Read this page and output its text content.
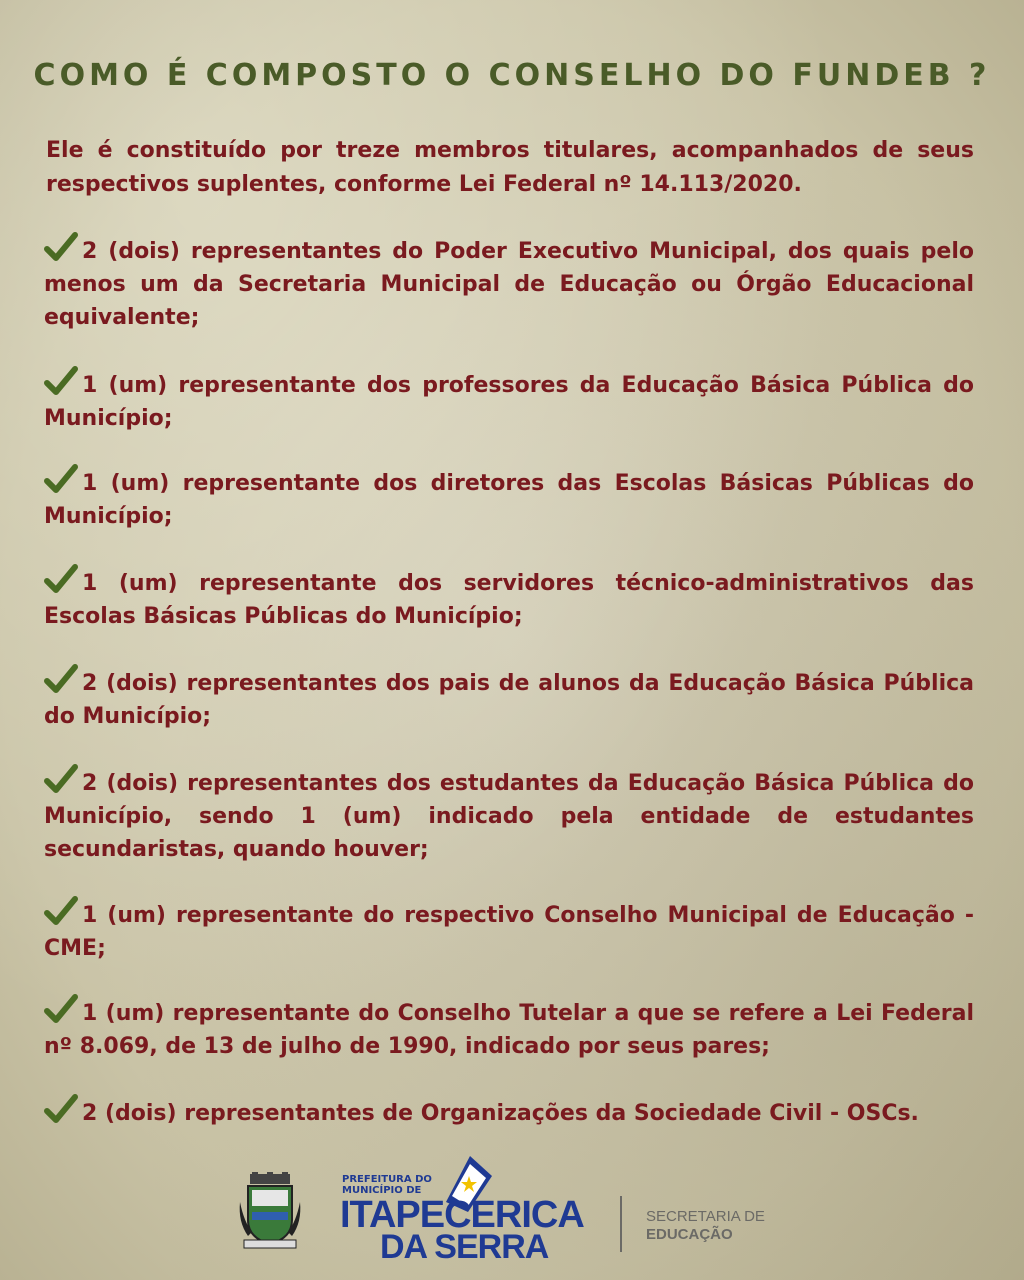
COMO É COMPOSTO O CONSELHO DO FUNDEB ?
Ele é constituído por treze membros titulares, acompanhados de seus respectivos suplentes, conforme Lei Federal nº 14.113/2020.
2 (dois) representantes do Poder Executivo Municipal, dos quais pelo menos um da Secretaria Municipal de Educação ou Órgão Educacional equivalente;
1 (um) representante dos professores da Educação Básica Pública do Município;
1 (um) representante dos diretores das Escolas Básicas Públicas do Município;
1 (um) representante dos servidores técnico-administrativos das Escolas Básicas Públicas do Município;
2 (dois) representantes dos pais de alunos da Educação Básica Pública do Município;
2 (dois) representantes dos estudantes da Educação Básica Pública do Município, sendo 1 (um) indicado pela entidade de estudantes secundaristas, quando houver;
1 (um) representante do respectivo Conselho Municipal de Educação - CME;
1 (um) representante do Conselho Tutelar a que se refere a Lei Federal nº 8.069, de 13 de julho de 1990, indicado por seus pares;
2 (dois) representantes de Organizações da Sociedade Civil - OSCs.
PREFEITURA DO MUNICÍPIO DE
ITAPECERICA
DA SERRA
SECRETARIA DE
EDUCAÇÃO
